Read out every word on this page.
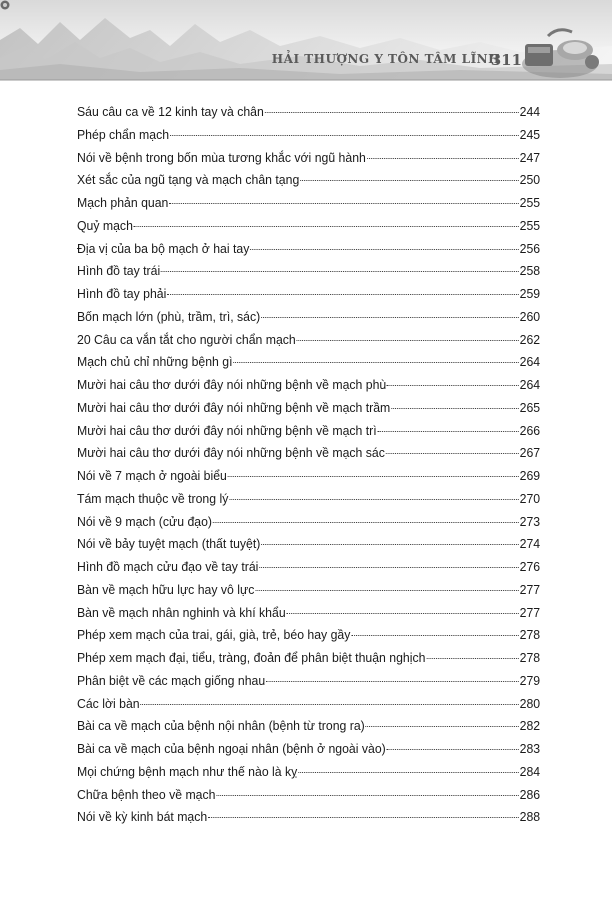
HẢI THƯỢNG Y TÔN TÂM LĨNH
311
Sáu câu ca về 12 kinh tay và chân	244
Phép chẩn mạch	245
Nói về bệnh trong bốn mùa tương khắc với ngũ hành	247
Xét sắc của ngũ tạng và mạch chân tạng	250
Mạch phản quan	255
Quỷ mạch	255
Địa vị của ba bộ mạch ở hai tay	256
Hình đồ tay trái	258
Hình đồ tay phải	259
Bốn mạch lớn (phù, trầm, trì, sác)	260
20 Câu ca vắn tắt cho người chẩn mạch	262
Mạch chủ chỉ những bệnh gì	264
Mười hai câu thơ dưới đây nói những bệnh về mạch phù	264
Mười hai câu thơ dưới đây nói những bệnh về mạch trầm	265
Mười hai câu thơ dưới đây nói những bệnh về mạch trì	266
Mười hai câu thơ dưới đây nói những bệnh về mạch sác	267
Nói về 7 mạch ở ngoài biểu	269
Tám mạch thuộc về trong lý	270
Nói về 9 mạch (cửu đạo)	273
Nói về bảy tuyệt mạch (thất tuyệt)	274
Hình đồ mạch cửu đạo về tay trái	276
Bàn về mạch hữu lực hay vô lực	277
Bàn về mạch nhân nghinh và khí khẩu	277
Phép xem mạch của trai, gái, già, trẻ, béo hay gầy	278
Phép xem mạch đại, tiểu, tràng, đoản để phân biệt thuận nghịch	278
Phân biệt về các mạch giống nhau	279
Các lời bàn	280
Bài ca về mạch của bệnh nội nhân (bệnh từ trong ra)	282
Bài ca về mạch của bệnh ngoại nhân (bệnh ở ngoài vào)	283
Mọi chứng bệnh mạch như thế nào là kỵ	284
Chữa bệnh theo về mạch	286
Nói về kỳ kinh bát mạch	288
